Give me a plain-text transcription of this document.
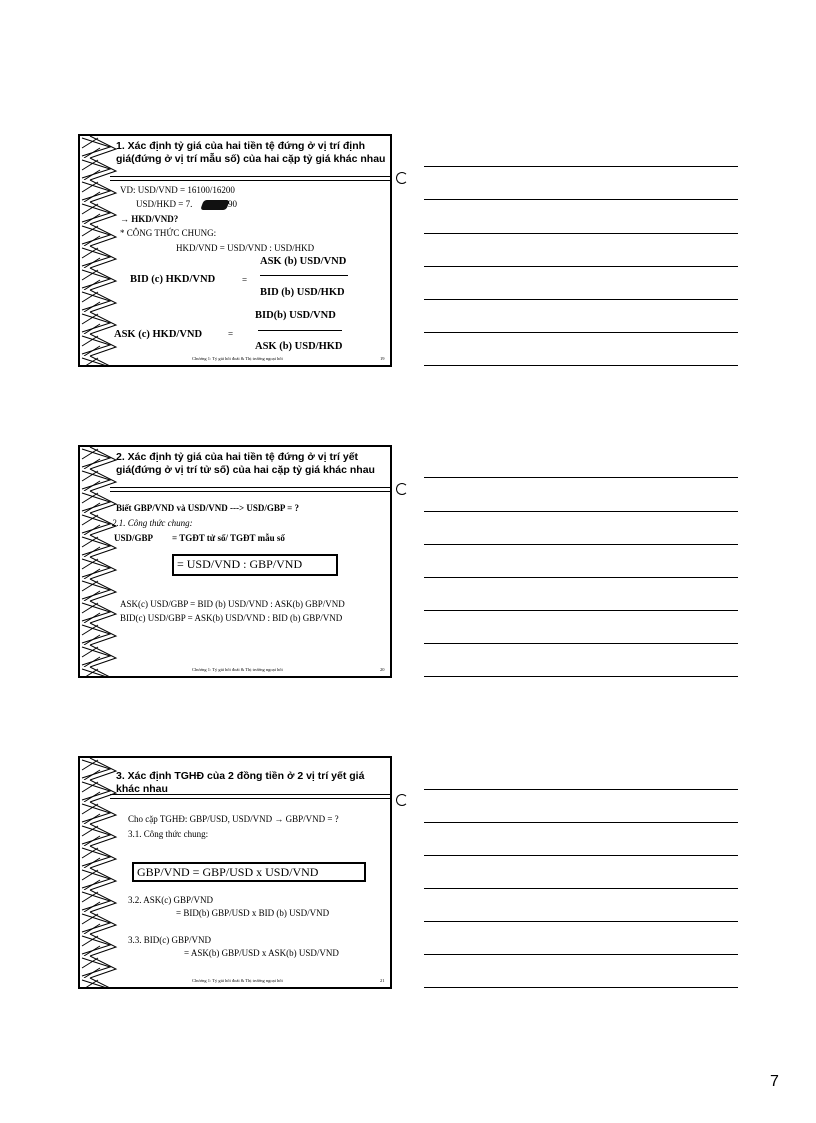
1. Xác định tỷ giá của hai tiền tệ đứng ở vị trí định giá(đứng ở vị trí mẫu số) của hai cặp tỷ giá khác nhau
VD: USD/VND = 16100/16200
USD/HKD = 7.	90
→ HKD/VND?
* CÔNG THỨC CHUNG:
HKD/VND = USD/VND : USD/HKD
ASK (b) USD/VND
BID (c) HKD/VND	=
BID (b) USD/HKD
BID(b) USD/VND
ASK (c) HKD/VND	=
ASK (b) USD/HKD
Chương 1: Tỷ giá hối đoái & Thị trường ngoại hối	19
2. Xác định tỷ giá của hai tiền tệ đứng ở vị trí yết giá(đứng ở vị trí tử số) của hai cặp tỷ giá khác nhau
Biết GBP/VND và USD/VND ---> USD/GBP = ?
2.1. Công thức chung:
USD/GBP = TGĐT tử số/ TGĐT mẫu số
= USD/VND : GBP/VND
ASK(c) USD/GBP = BID (b) USD/VND : ASK(b) GBP/VND
BID(c) USD/GBP = ASK(b) USD/VND : BID (b) GBP/VND
Chương 1: Tỷ giá hối đoái & Thị trường ngoại hối	20
3. Xác định TGHĐ của 2 đồng tiền ở 2 vị trí yết giá khác nhau
Cho cặp TGHĐ: GBP/USD, USD/VND → GBP/VND = ?
3.1. Công thức chung:
GBP/VND = GBP/USD x USD/VND
3.2. ASK(c) GBP/VND
= BID(b) GBP/USD x BID (b) USD/VND
3.3. BID(c) GBP/VND
= ASK(b) GBP/USD x ASK(b) USD/VND
Chương 1: Tỷ giá hối đoái & Thị trường ngoại hối	21
7
